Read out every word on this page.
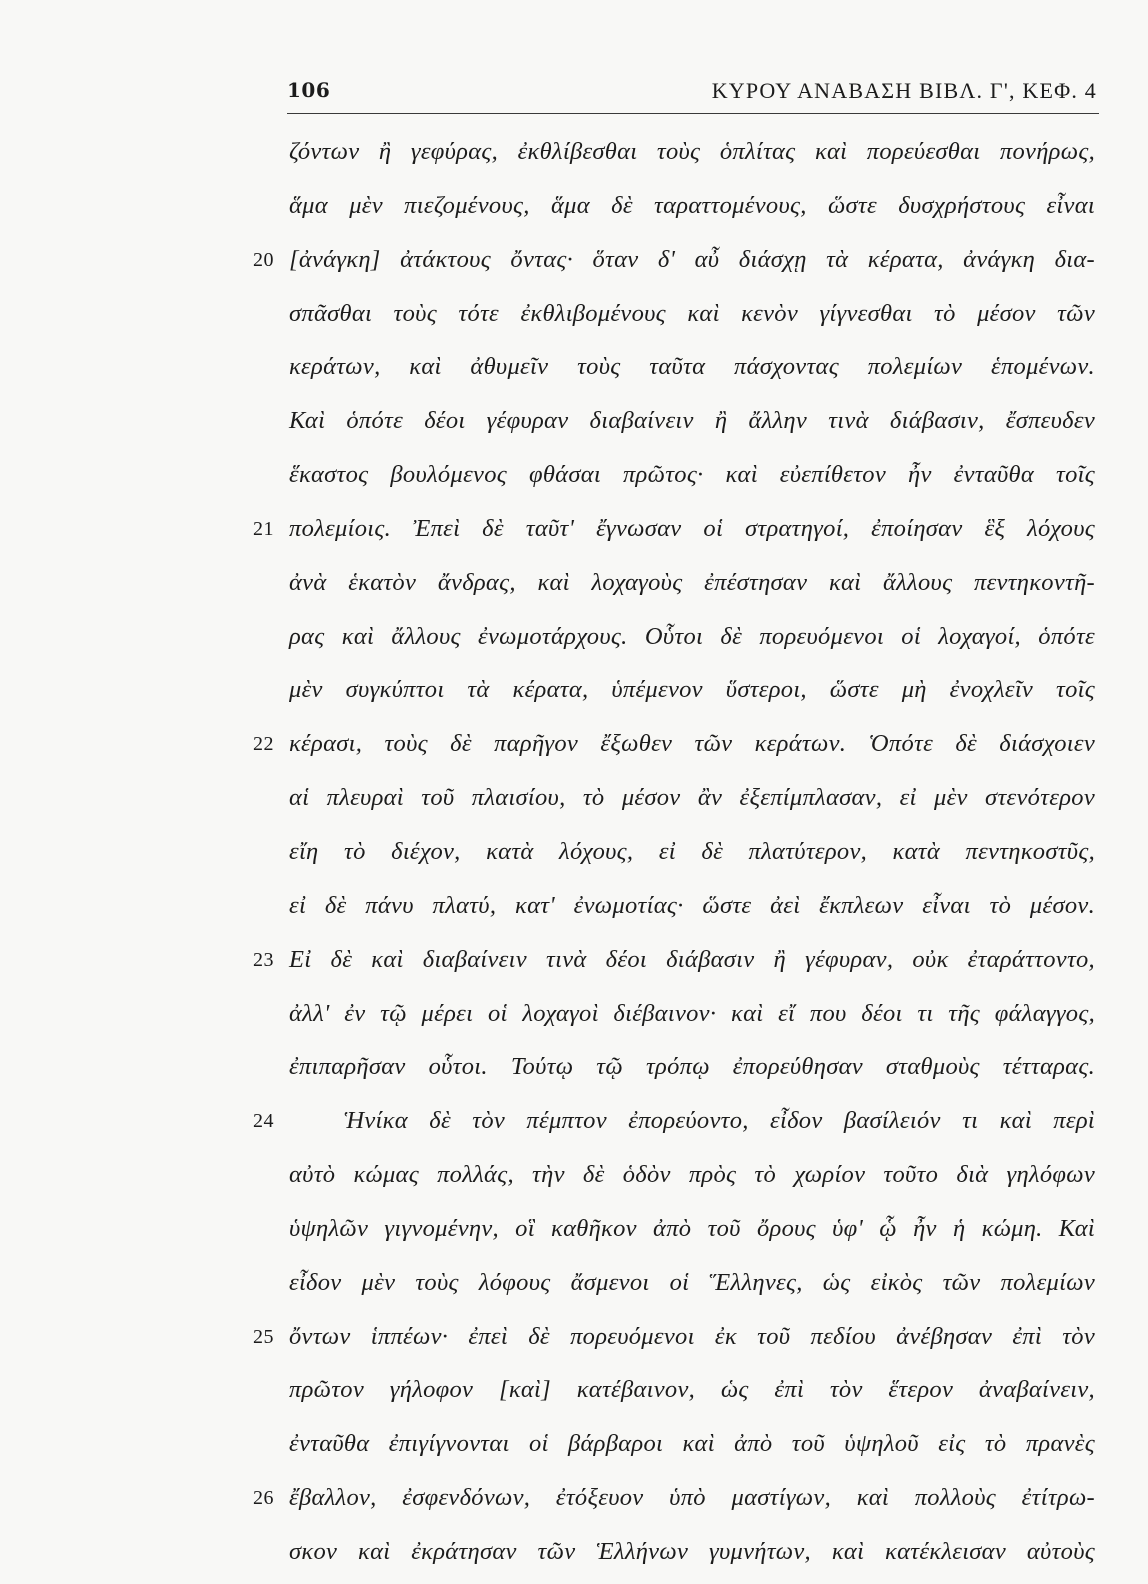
106	ΚΥΡΟΥ ΑΝΑΒΑΣΗ ΒΙΒΛ. Γ', ΚΕΦ. 4
ζόντων ἢ γεφύρας, ἐκθλίβεσθαι τοὺς ὁπλίτας καὶ πορεύεσθαι πονήρως,
ἅμα μὲν πιεζομένους, ἅμα δὲ ταραττομένους, ὥστε δυσχρήστους εἶναι
20 [ἀνάγκη] ἀτάκτους ὄντας· ὅταν δ' αὖ διάσχῃ τὰ κέρατα, ἀνάγκη δια-
σπᾶσθαι τοὺς τότε ἐκθλιβομένους καὶ κενὸν γίγνεσθαι τὸ μέσον τῶν
κεράτων, καὶ ἀθυμεῖν τοὺς ταῦτα πάσχοντας πολεμίων ἑπομένων.
Καὶ ὁπότε δέοι γέφυραν διαβαίνειν ἢ ἄλλην τινὰ διάβασιν, ἔσπευδεν
ἕκαστος βουλόμενος φθάσαι πρῶτος· καὶ εὐεπίθετον ἦν ἐνταῦθα τοῖς
21 πολεμίοις. Ἐπεὶ δὲ ταῦτ' ἔγνωσαν οἱ στρατηγοί, ἐποίησαν ἓξ λόχους
ἀνὰ ἑκατὸν ἄνδρας, καὶ λοχαγοὺς ἐπέστησαν καὶ ἄλλους πεντηκοντῆ-
ρας καὶ ἄλλους ἐνωμοτάρχους. Οὗτοι δὲ πορευόμενοι οἱ λοχαγοί, ὁπότε
μὲν συγκύπτοι τὰ κέρατα, ὑπέμενον ὕστεροι, ὥστε μὴ ἐνοχλεῖν τοῖς
22 κέρασι, τοὺς δὲ παρῆγον ἔξωθεν τῶν κεράτων. Ὁπότε δὲ διάσχοιεν
αἱ πλευραὶ τοῦ πλαισίου, τὸ μέσον ἂν ἐξεπίμπλασαν, εἰ μὲν στενότερον
εἴη τὸ διέχον, κατὰ λόχους, εἰ δὲ πλατύτερον, κατὰ πεντηκοστῦς,
εἰ δὲ πάνυ πλατύ, κατ' ἐνωμοτίας· ὥστε ἀεὶ ἔκπλεων εἶναι τὸ μέσον.
23 Εἰ δὲ καὶ διαβαίνειν τινὰ δέοι διάβασιν ἢ γέφυραν, οὐκ ἐταράττοντο,
ἀλλ' ἐν τῷ μέρει οἱ λοχαγοὶ διέβαινον· καὶ εἴ που δέοι τι τῆς φάλαγγος,
ἐπιπαρῆσαν οὗτοι. Τούτῳ τῷ τρόπῳ ἐπορεύθησαν σταθμοὺς τέτταρας.
24	Ἡνίκα δὲ τὸν πέμπτον ἐπορεύοντο, εἶδον βασίλειόν τι καὶ περὶ
αὐτὸ κώμας πολλάς, τὴν δὲ ὁδὸν πρὸς τὸ χωρίον τοῦτο διὰ γηλόφων
ὑψηλῶν γιγνομένην, οἳ καθῆκον ἀπὸ τοῦ ὄρους ὑφ' ᾧ ἦν ἡ κώμη. Καὶ
εἶδον μὲν τοὺς λόφους ἄσμενοι οἱ Ἕλληνες, ὡς εἰκὸς τῶν πολεμίων
25 ὄντων ἱππέων· ἐπεὶ δὲ πορευόμενοι ἐκ τοῦ πεδίου ἀνέβησαν ἐπὶ τὸν
πρῶτον γήλοφον [καὶ] κατέβαινον, ὡς ἐπὶ τὸν ἕτερον ἀναβαίνειν,
ἐνταῦθα ἐπιγίγνονται οἱ βάρβαροι καὶ ἀπὸ τοῦ ὑψηλοῦ εἰς τὸ πρανὲς
26 ἔβαλλον, ἐσφενδόνων, ἐτόξευον ὑπὸ μαστίγων, καὶ πολλοὺς ἐτίτρω-
σκον καὶ ἐκράτησαν τῶν Ἑλλήνων γυμνήτων, καὶ κατέκλεισαν αὐτοὺς
